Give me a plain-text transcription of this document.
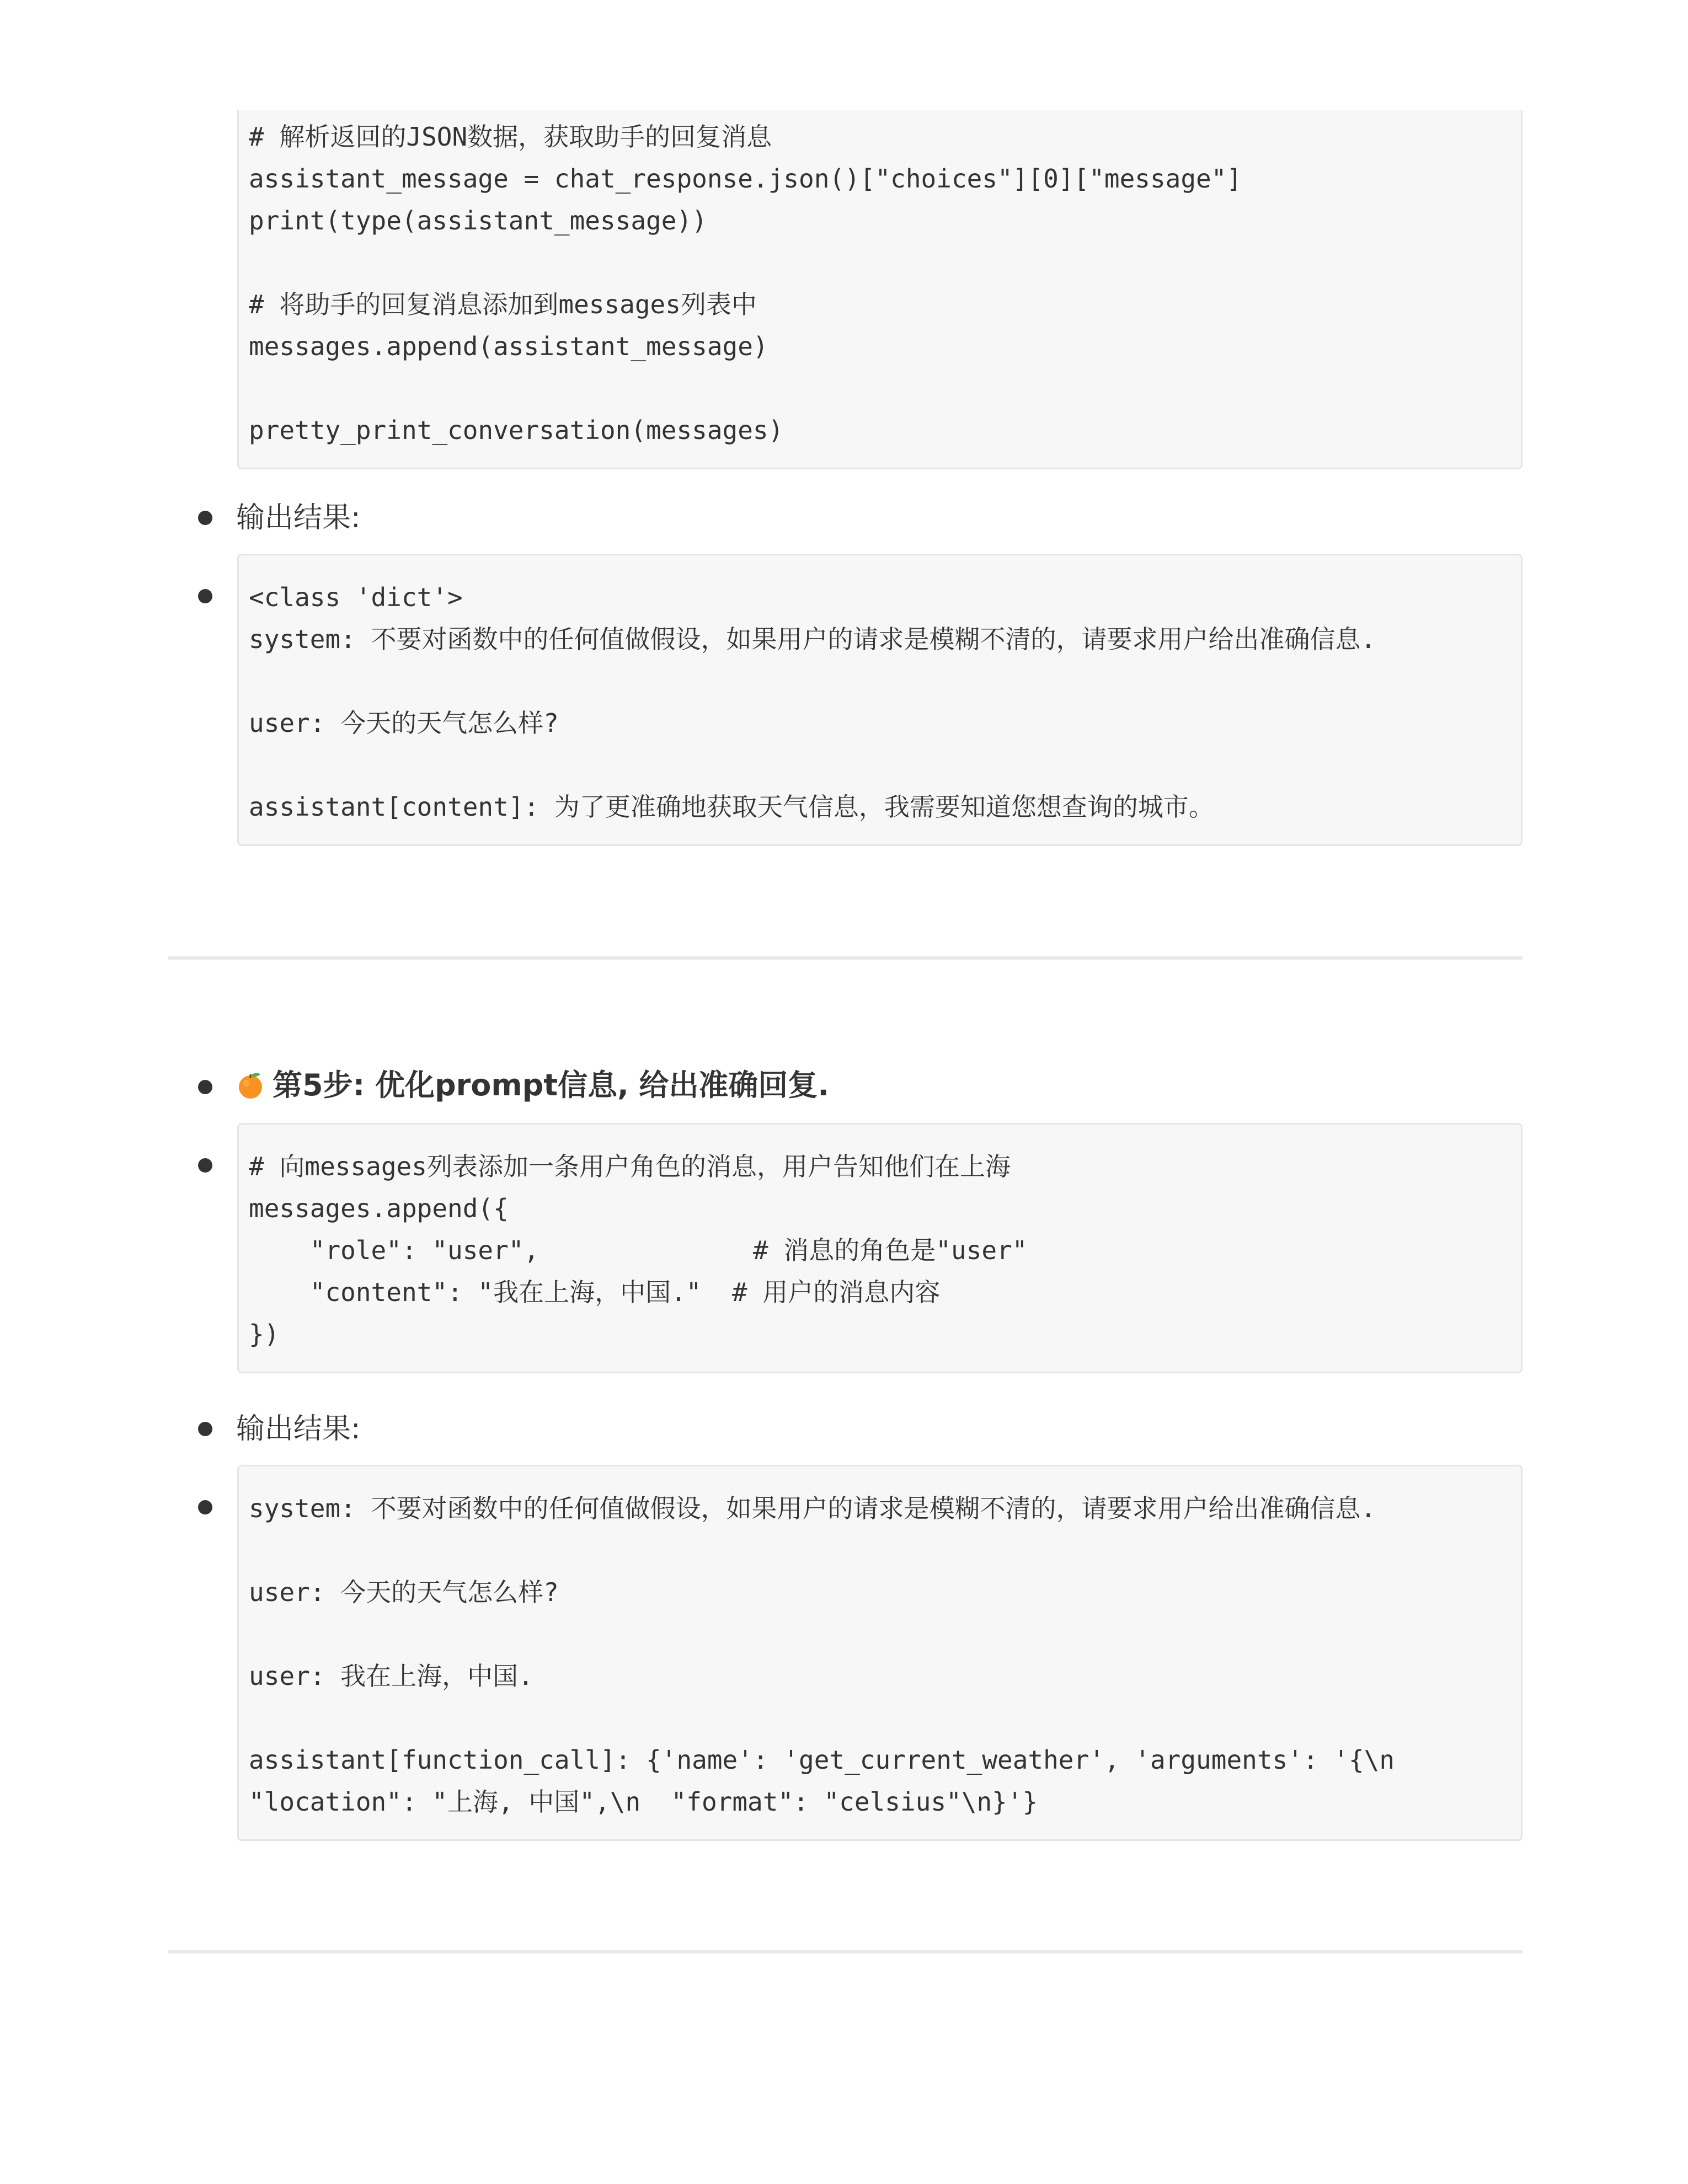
# 解析返回的JSON数据，获取助手的回复消息
assistant_message = chat_response.json()["choices"][0]["message"]
print(type(assistant_message))
# 将助手的回复消息添加到messages列表中
messages.append(assistant_message)
pretty_print_conversation(messages)
输出结果:
<class 'dict'>
system: 不要对函数中的任何值做假设，如果用户的请求是模糊不清的，请要求用户给出准确信息.
user: 今天的天气怎么样?
assistant[content]: 为了更准确地获取天气信息，我需要知道您想查询的城市。
第5步: 优化prompt信息, 给出准确回复.
# 向messages列表添加一条用户角色的消息，用户告知他们在上海
messages.append({
"role": "user",              # 消息的角色是"user"
"content": "我在上海，中国."  # 用户的消息内容
})
输出结果:
system: 不要对函数中的任何值做假设，如果用户的请求是模糊不清的，请要求用户给出准确信息.
user: 今天的天气怎么样?
user: 我在上海，中国.
assistant[function_call]: {'name': 'get_current_weather', 'arguments': '{\n
"location": "上海, 中国",\n  "format": "celsius"\n}'}
